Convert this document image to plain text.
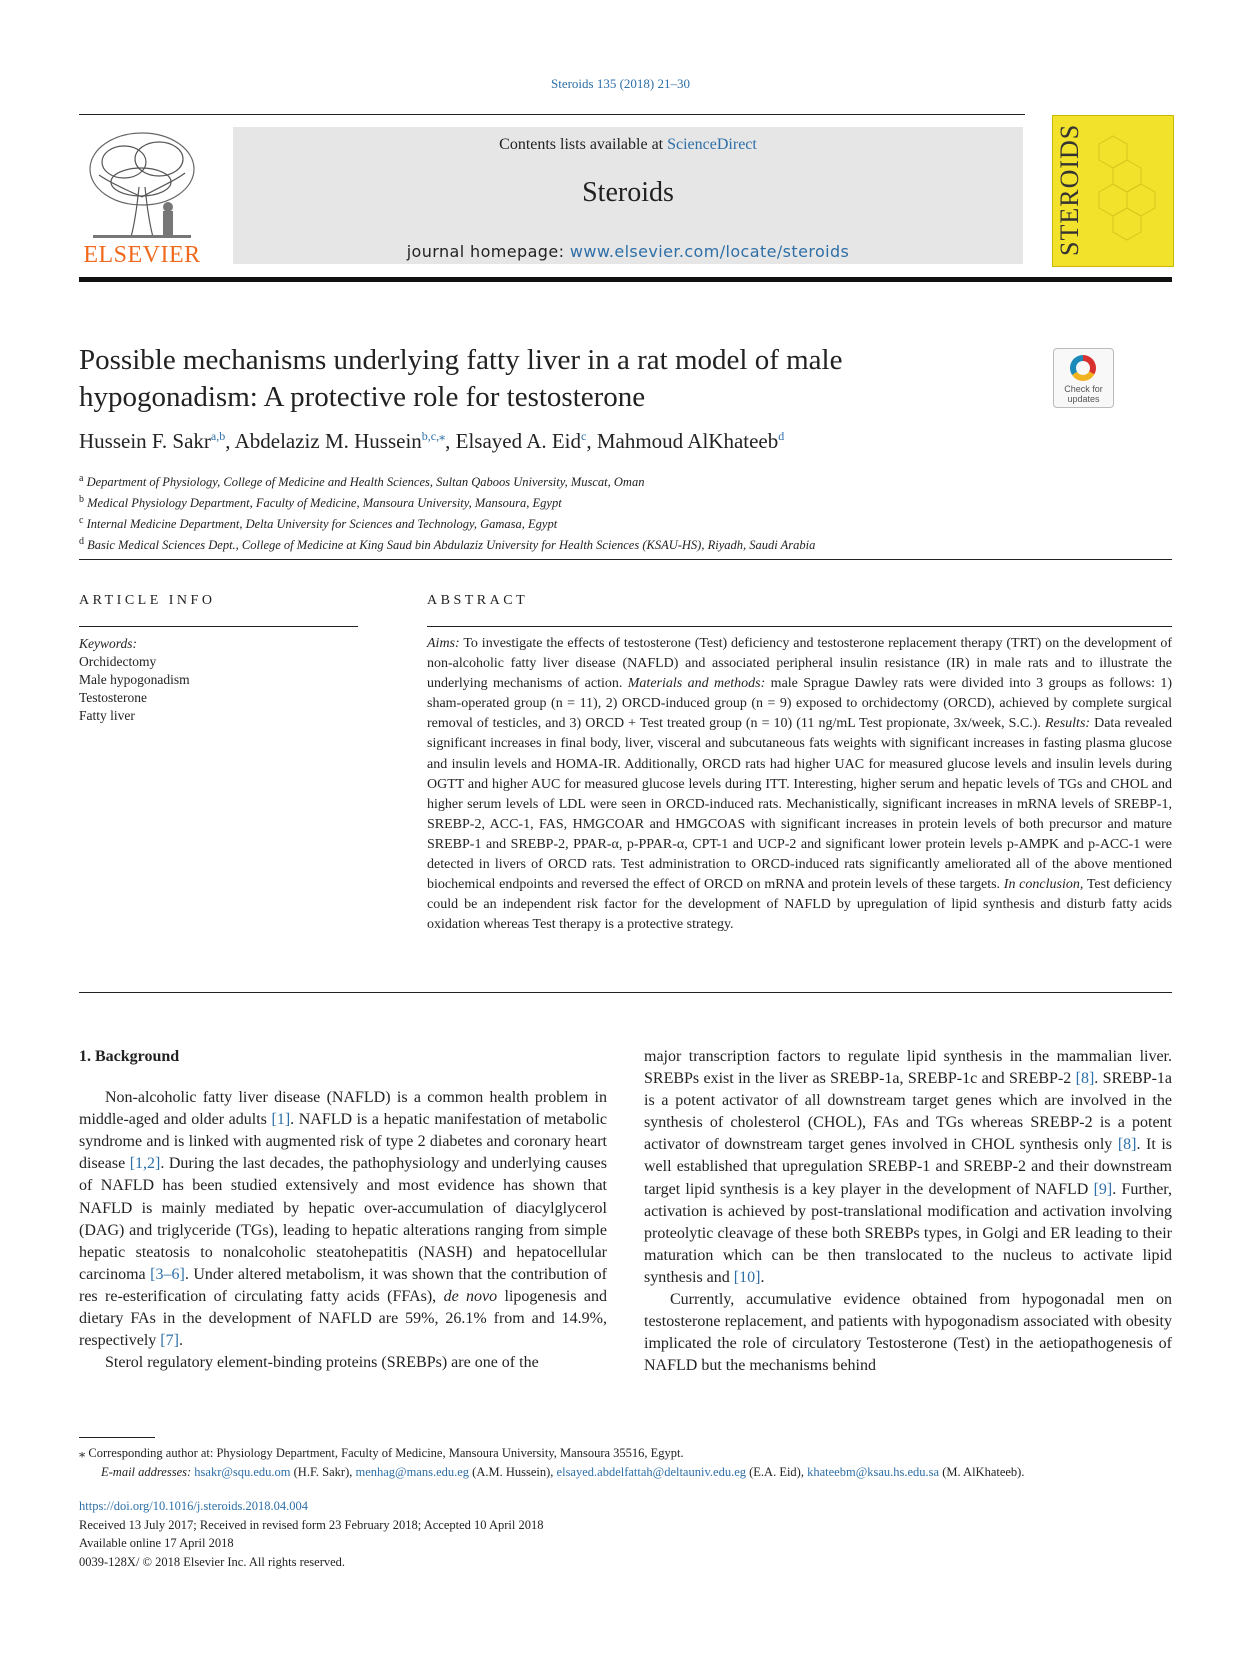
Steroids 135 (2018) 21–30
ELSEVIER
Contents lists available at ScienceDirect
Steroids
journal homepage: www.elsevier.com/locate/steroids	STEROIDS
Possible mechanisms underlying fatty liver in a rat model of male
hypogonadism: A protective role for testosterone	Check for updates
Hussein F. Sakr$^{a,b}$, Abdelaziz M. Hussein$^{b,c,⁎}$, Elsayed A. Eid$^c$, Mahmoud AlKhateeb$^d$
$^a$ Department of Physiology, College of Medicine and Health Sciences, Sultan Qaboos University, Muscat, Oman
$^b$ Medical Physiology Department, Faculty of Medicine, Mansoura University, Mansoura, Egypt
$^c$ Internal Medicine Department, Delta University for Sciences and Technology, Gamasa, Egypt
$^d$ Basic Medical Sciences Dept., College of Medicine at King Saud bin Abdulaziz University for Health Sciences (KSAU-HS), Riyadh, Saudi Arabia
ARTICLE INFO	ABSTRACT
Keywords:
Orchidectomy
Male hypogonadism
Testosterone
Fatty liver
Aims: To investigate the effects of testosterone (Test) deficiency and testosterone replacement therapy (TRT) on the development of non-alcoholic fatty liver disease (NAFLD) and associated peripheral insulin resistance (IR) in male rats and to illustrate the underlying mechanisms of action. Materials and methods: male Sprague Dawley rats were divided into 3 groups as follows: 1) sham-operated group (n = 11), 2) ORCD-induced group (n = 9) exposed to orchidectomy (ORCD), achieved by complete surgical removal of testicles, and 3) ORCD + Test treated group (n = 10) (11 ng/mL Test propionate, 3x/week, S.C.). Results: Data revealed significant increases in final body, liver, visceral and subcutaneous fats weights with significant increases in fasting plasma glucose and insulin levels and HOMA-IR. Additionally, ORCD rats had higher UAC for measured glucose levels and insulin levels during OGTT and higher AUC for measured glucose levels during ITT. Interesting, higher serum and hepatic levels of TGs and CHOL and higher serum levels of LDL were seen in ORCD-induced rats. Mechanistically, significant increases in mRNA levels of SREBP-1, SREBP-2, ACC-1, FAS, HMGCOAR and HMGCOAS with significant increases in protein levels of both precursor and mature SREBP-1 and SREBP-2, PPAR-α, p-PPAR-α, CPT-1 and UCP-2 and significant lower protein levels p-AMPK and p-ACC-1 were detected in livers of ORCD rats. Test administration to ORCD-induced rats significantly ameliorated all of the above mentioned biochemical endpoints and reversed the effect of ORCD on mRNA and protein levels of these targets. In conclusion, Test deficiency could be an independent risk factor for the development of NAFLD by upregulation of lipid synthesis and disturb fatty acids oxidation whereas Test therapy is a protective strategy.
1. Background

Non-alcoholic fatty liver disease (NAFLD) is a common health problem in middle-aged and older adults [1]. NAFLD is a hepatic manifestation of metabolic syndrome and is linked with augmented risk of type 2 diabetes and coronary heart disease [1,2]. During the last decades, the pathophysiology and underlying causes of NAFLD has been studied extensively and most evidence has shown that NAFLD is mainly mediated by hepatic over-accumulation of diacylglycerol (DAG) and triglyceride (TGs), leading to hepatic alterations ranging from simple hepatic steatosis to nonalcoholic steatohepatitis (NASH) and hepatocellular carcinoma [3–6]. Under altered metabolism, it was shown that the contribution of res re-esterification of circulating fatty acids (FFAs), de novo lipogenesis and dietary FAs in the development of NAFLD are 59%, 26.1% from and 14.9%, respectively [7].

Sterol regulatory element-binding proteins (SREBPs) are one of the

major transcription factors to regulate lipid synthesis in the mammalian liver. SREBPs exist in the liver as SREBP-1a, SREBP-1c and SREBP-2 [8]. SREBP-1a is a potent activator of all downstream target genes which are involved in the synthesis of cholesterol (CHOL), FAs and TGs whereas SREBP-2 is a potent activator of downstream target genes involved in CHOL synthesis only [8]. It is well established that upregulation SREBP-1 and SREBP-2 and their downstream target lipid synthesis is a key player in the development of NAFLD [9]. Further, activation is achieved by post-translational modification and activation involving proteolytic cleavage of these both SREBPs types, in Golgi and ER leading to their maturation which can be then translocated to the nucleus to activate lipid synthesis and [10].

Currently, accumulative evidence obtained from hypogonadal men on testosterone replacement, and patients with hypogonadism associated with obesity implicated the role of circulatory Testosterone (Test) in the aetiopathogenesis of NAFLD but the mechanisms behind

⁎ Corresponding author at: Physiology Department, Faculty of Medicine, Mansoura University, Mansoura 35516, Egypt.
E-mail addresses: hsakr@squ.edu.om (H.F. Sakr), menhag@mans.edu.eg (A.M. Hussein), elsayed.abdelfattah@deltauniv.edu.eg (E.A. Eid), khateebm@ksau.hs.edu.sa (M. AlKhateeb).
https://doi.org/10.1016/j.steroids.2018.04.004
Received 13 July 2017; Received in revised form 23 February 2018; Accepted 10 April 2018
Available online 17 April 2018
0039-128X/ © 2018 Elsevier Inc. All rights reserved.
